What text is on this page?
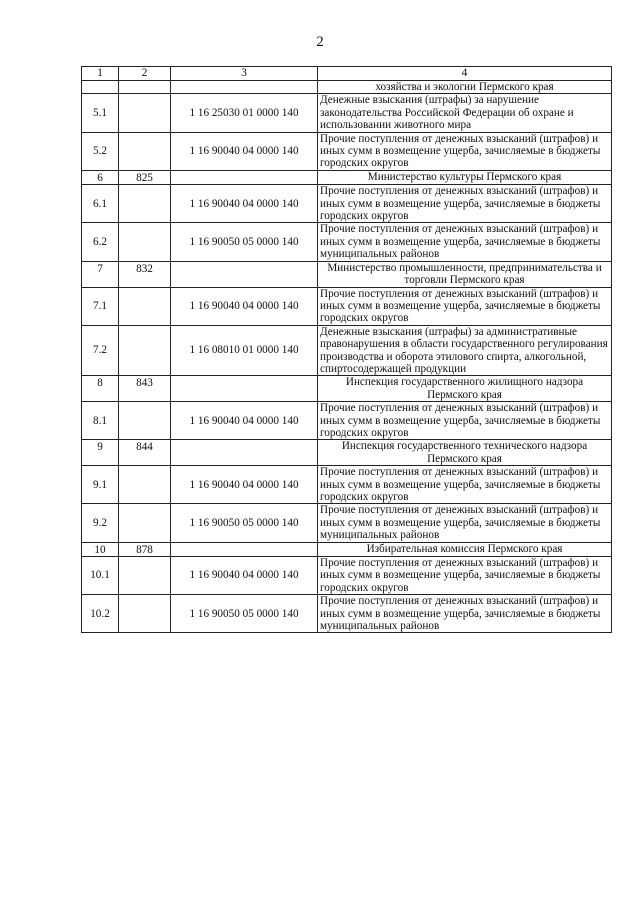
2
1	2	3	4
			хозяйства и экологии Пермского края
5.1		1 16 25030 01 0000 140	Денежные взыскания (штрафы) за нарушение законодательства Российской Федерации об охране и использовании животного мира
5.2		1 16 90040 04 0000 140	Прочие поступления от денежных взысканий (штрафов) и иных сумм в возмещение ущерба, зачисляемые в бюджеты городских округов
6	825		Министерство культуры Пермского края
6.1		1 16 90040 04 0000 140	Прочие поступления от денежных взысканий (штрафов) и иных сумм в возмещение ущерба, зачисляемые в бюджеты городских округов
6.2		1 16 90050 05 0000 140	Прочие поступления от денежных взысканий (штрафов) и иных сумм в возмещение ущерба, зачисляемые в бюджеты муниципальных районов
7	832		Министерство промышленности, предпринимательства и торговли Пермского края
7.1		1 16 90040 04 0000 140	Прочие поступления от денежных взысканий (штрафов) и иных сумм в возмещение ущерба, зачисляемые в бюджеты городских округов
7.2		1 16 08010 01 0000 140	Денежные взыскания (штрафы) за административные правонарушения в области государственного регулирования производства и оборота этилового спирта, алкогольной, спиртосодержащей продукции
8	843		Инспекция государственного жилищного надзора Пермского края
8.1		1 16 90040 04 0000 140	Прочие поступления от денежных взысканий (штрафов) и иных сумм в возмещение ущерба, зачисляемые в бюджеты городских округов
9	844		Инспекция государственного технического надзора Пермского края
9.1		1 16 90040 04 0000 140	Прочие поступления от денежных взысканий (штрафов) и иных сумм в возмещение ущерба, зачисляемые в бюджеты городских округов
9.2		1 16 90050 05 0000 140	Прочие поступления от денежных взысканий (штрафов) и иных сумм в возмещение ущерба, зачисляемые в бюджеты муниципальных районов
10	878		Избирательная комиссия Пермского края
10.1		1 16 90040 04 0000 140	Прочие поступления от денежных взысканий (штрафов) и иных сумм в возмещение ущерба, зачисляемые в бюджеты городских округов
10.2		1 16 90050 05 0000 140	Прочие поступления от денежных взысканий (штрафов) и иных сумм в возмещение ущерба, зачисляемые в бюджеты муниципальных районов
